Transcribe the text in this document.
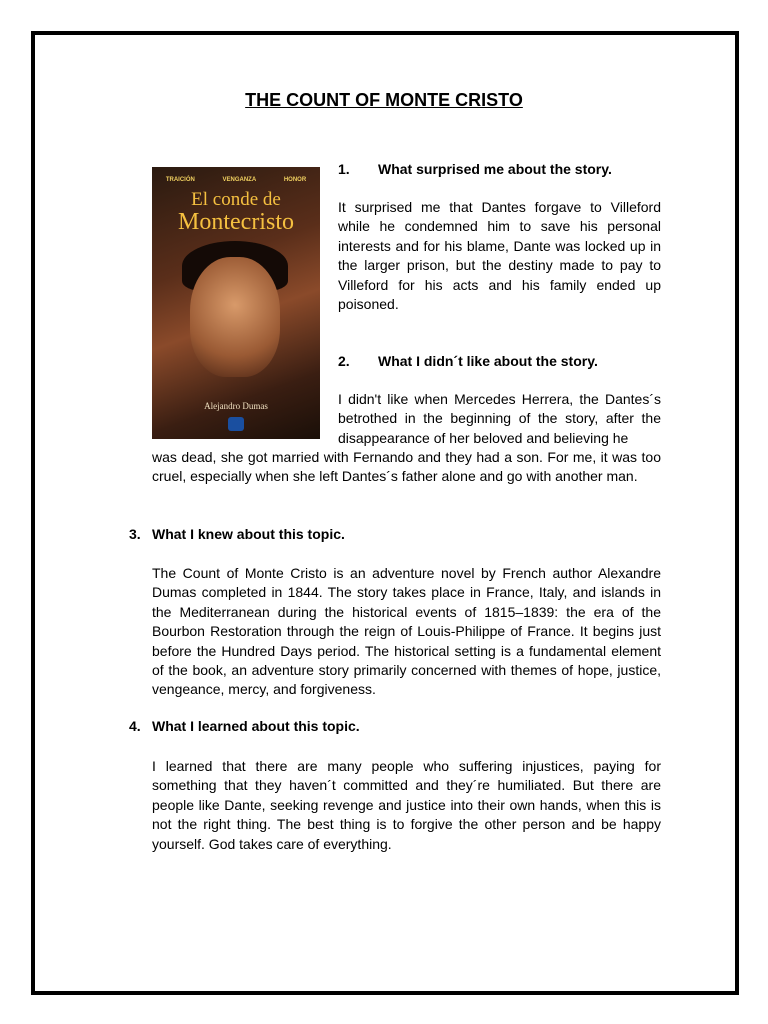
THE COUNT OF MONTE CRISTO
TRAICIÓN	VENGANZA	HONOR
El conde de
Montecristo
Alejandro Dumas

1. What surprised me about the story.

It surprised me that Dantes forgave to Villeford while he condemned him to save his personal interests and for his blame, Dante was locked up in the larger prison, but the destiny made to pay to Villeford for his acts and his family ended up poisoned.

2. What I didn´t like about the story.

I didn't like when Mercedes Herrera, the Dantes´s betrothed in the beginning of the story, after the disappearance of her beloved and believing he

was dead, she got married with Fernando and they had a son. For me, it was too cruel, especially when she left Dantes´s father alone and go with another man.

3. What I knew about this topic.

The Count of Monte Cristo is an adventure novel by French author Alexandre Dumas completed in 1844. The story takes place in France, Italy, and islands in the Mediterranean during the historical events of 1815–1839: the era of the Bourbon Restoration through the reign of Louis-Philippe of France. It begins just before the Hundred Days period. The historical setting is a fundamental element of the book, an adventure story primarily concerned with themes of hope, justice, vengeance, mercy, and forgiveness.

4. What I learned about this topic.

I learned that there are many people who suffering injustices, paying for something that they haven´t committed and they´re humiliated. But there are people like Dante, seeking revenge and justice into their own hands, when this is not the right thing. The best thing is to forgive the other person and be happy yourself. God takes care of everything.
